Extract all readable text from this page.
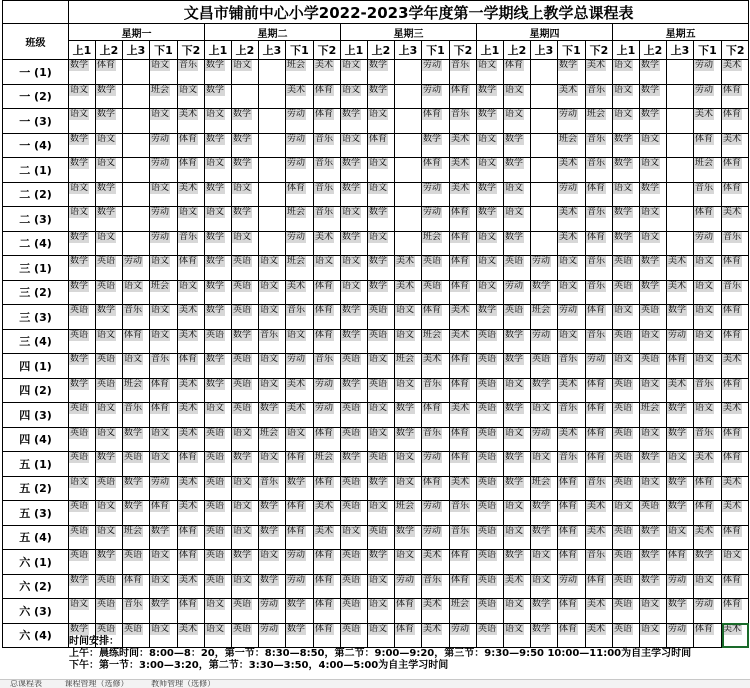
	文昌市铺前中心小学2022-2023学年度第一学期线上教学总课程表																								
班级	星期一					星期二					星期三					星期四					星期五				
	上1	上2	上3	下1	下2	上1	上2	上3	下1	下2	上1	上2	上3	下1	下2	上1	上2	上3	下1	下2	上1	上2	上3	下1	下2
一 (1)	数学	体育		语文	音乐	数学	语文		班会	美术	语文	数学		劳动	音乐	语文	体育		数学	美术	语文	数学		劳动	美术
一 (2)	语文	数学		班会	语文	数学			美术	体育	语文	数学		劳动	体育	数学	语文		美术	音乐	语文	数学		劳动	体育
一 (3)	语文	数学		语文	美术	语文	数学		劳动	体育	数学	语文		体育	音乐	数学	语文		劳动	班会	语文	数学		美术	体育
一 (4)	数学	语文		劳动	体育	数学	数学		劳动	音乐	语文	体育		数学	美术	语文	数学		班会	音乐	数学	语文		体育	美术
二 (1)	数学	语文		劳动	体育	语文	数学		劳动	音乐	数学	语文		体育	美术	语文	数学		美术	音乐	数学	语文		班会	体育
二 (2)	语文	数学		语文	美术	数学	语文		体育	音乐	数学	语文		劳动	美术	数学	语文		劳动	体育	语文	数学		音乐	体育
二 (3)	语文	数学		劳动	语文	语文	数学		班会	音乐	语文	数学		劳动	体育	数学	语文		美术	音乐	数学	语文		体育	美术
二 (4)	数学	语文		劳动	音乐	数学	语文		劳动	美术	数学	语文		班会	体育	语文	数学		美术	体育	数学	语文		劳动	音乐
三 (1)	数学	英语	劳动	语文	体育	数学	英语	语文	班会	语文	语文	数学	美术	英语	体育	语文	英语	劳动	语文	音乐	英语	数学	美术	语文	体育
三 (2)	数学	英语	语文	班会	语文	数学	英语	语文	美术	体育	语文	数学	美术	英语	体育	语文	劳动	数学	语文	音乐	英语	数学	美术	语文	音乐
三 (3)	英语	数学	音乐	语文	美术	数学	英语	语文	音乐	体育	数学	英语	语文	体育	美术	数学	英语	班会	劳动	体育	语文	英语	数学	语文	体育
三 (4)	英语	语文	体育	语文	美术	英语	数学	音乐	语文	体育	数学	英语	语文	班会	美术	英语	数学	劳动	语文	音乐	英语	语文	劳动	语文	体育
四 (1)	数学	英语	语文	音乐	体育	数学	英语	语文	劳动	音乐	英语	语文	班会	美术	体育	英语	数学	英语	音乐	劳动	语文	英语	体育	语文	美术
四 (2)	数学	英语	班会	体育	美术	数学	英语	语文	美术	劳动	数学	英语	语文	音乐	体育	英语	语文	数学	美术	体育	英语	语文	美术	音乐	体育
四 (3)	英语	语文	音乐	体育	美术	语文	英语	数学	美术	劳动	英语	语文	数学	体育	美术	英语	数学	语文	音乐	体育	英语	班会	数学	语文	美术
四 (4)	英语	语文	数学	语文	美术	英语	语文	班会	语文	体育	英语	语文	数学	音乐	体育	英语	语文	劳动	美术	体育	英语	语文	数学	音乐	体育
五 (1)	英语	数学	英语	语文	体育	英语	数学	语文	体育	班会	数学	英语	语文	劳动	体育	英语	数学	语文	音乐	体育	英语	数学	语文	美术	体育
五 (2)	语文	英语	数学	劳动	美术	英语	语文	音乐	数学	体育	英语	数学	语文	体育	美术	英语	数学	班会	体育	音乐	英语	语文	数学	体育	美术
五 (3)	英语	语文	数学	体育	美术	英语	语文	数学	体育	美术	英语	语文	班会	劳动	音乐	英语	语文	数学	体育	美术	语文	英语	数学	体育	美术
五 (4)	英语	语文	班会	数学	体育	英语	语文	数学	体育	美术	语文	英语	数学	劳动	音乐	英语	语文	数学	体育	美术	英语	数学	语文	美术	体育
六 (1)	英语	数学	英语	语文	体育	英语	数学	语文	劳动	体育	英语	数学	语文	美术	体育	英语	数学	语文	体育	音乐	英语	数学	体育	数学	语文
六 (2)	数学	英语	体育	语文	美术	英语	语文	数学	劳动	体育	英语	语文	劳动	音乐	体育	英语	美术	语文	劳动	体育	英语	数学	劳动	语文	体育
六 (3)	语文	英语	音乐	数学	体育	语文	英语	劳动	数学	体育	英语	语文	体育	美术	班会	英语	语文	数学	体育	美术	英语	语文	数学	劳动	体育
六 (4)	数学	英语	英语	语文	美术	语文	英语	劳动	数学	体育	英语	语文	体育	美术	劳动	英语	语文	数学	体育	美术	英语	语文	劳动	体育	美术
时间安排：
上午：晨练时间：8:00—8：20，第一节：8:30—8:50，第二节：9:00—9:20，第三节：9:30—9:50 10:00—11:00为自主学习时间
下午：第一节：3:00—3:20，第二节：3:30—3:50，4:00—5:00为自主学习时间
总课程表	课程管理（选修）	教师管理（选修）
